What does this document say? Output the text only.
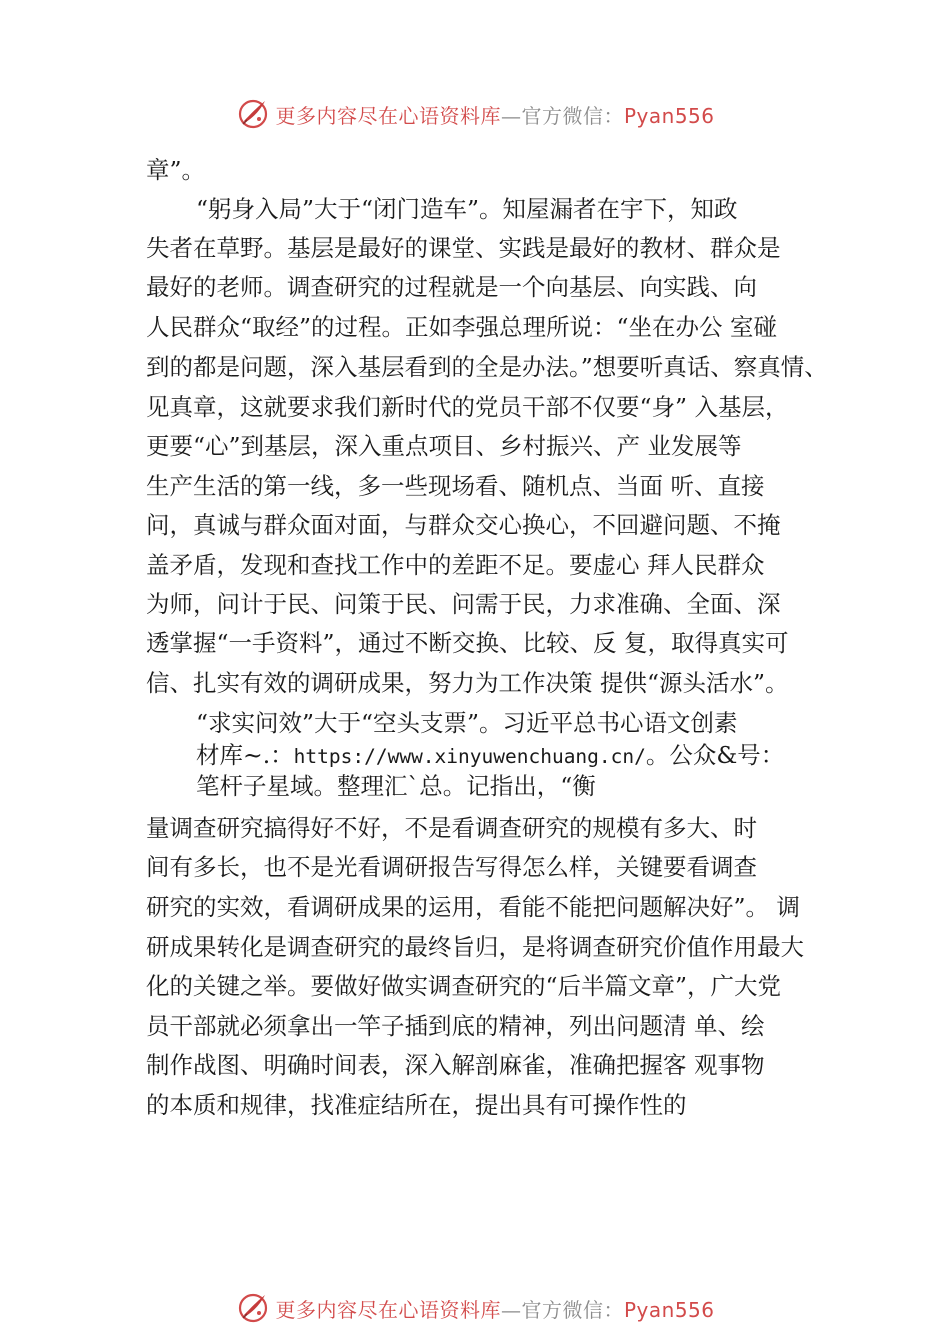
更多内容尽在心语资料库—官方微信：Pyan556
章”。
“躬身入局”大于“闭门造车”。知屋漏者在宇下，知政
失者在草野。基层是最好的课堂、实践是最好的教材、群众是
最好的老师。调查研究的过程就是一个向基层、向实践、向
人民群众“取经”的过程。正如李强总理所说：“坐在办公 室碰
到的都是问题，深入基层看到的全是办法。”想要听真话、察真情、
见真章，这就要求我们新时代的党员干部不仅要“身” 入基层，
更要“心”到基层，深入重点项目、乡村振兴、产 业发展等
生产生活的第一线，多一些现场看、随机点、当面 听、直接
问，真诚与群众面对面，与群众交心换心，不回避问题、不掩
盖矛盾，发现和查找工作中的差距不足。要虚心 拜人民群众
为师，问计于民、问策于民、问需于民，力求准确、全面、深
透掌握“一手资料”，通过不断交换、比较、反 复，取得真实可
信、扎实有效的调研成果，努力为工作决策 提供“源头活水”。
“求实问效”大于“空头支票”。习近平总书心语文创素
材库~.：https://www.xinyuwenchuang.cn/。公众&号：
笔杆子星域。整理汇`总。记指出，“衡
量调查研究搞得好不好，不是看调查研究的规模有多大、时
间有多长，也不是光看调研报告写得怎么样，关键要看调查
研究的实效，看调研成果的运用，看能不能把问题解决好”。 调
研成果转化是调查研究的最终旨归，是将调查研究价值作用最大
化的关键之举。要做好做实调查研究的“后半篇文章”，广大党
员干部就必须拿出一竿子插到底的精神，列出问题清 单、绘
制作战图、明确时间表，深入解剖麻雀，准确把握客 观事物
的本质和规律，找准症结所在，提出具有可操作性的
更多内容尽在心语资料库—官方微信：Pyan556
